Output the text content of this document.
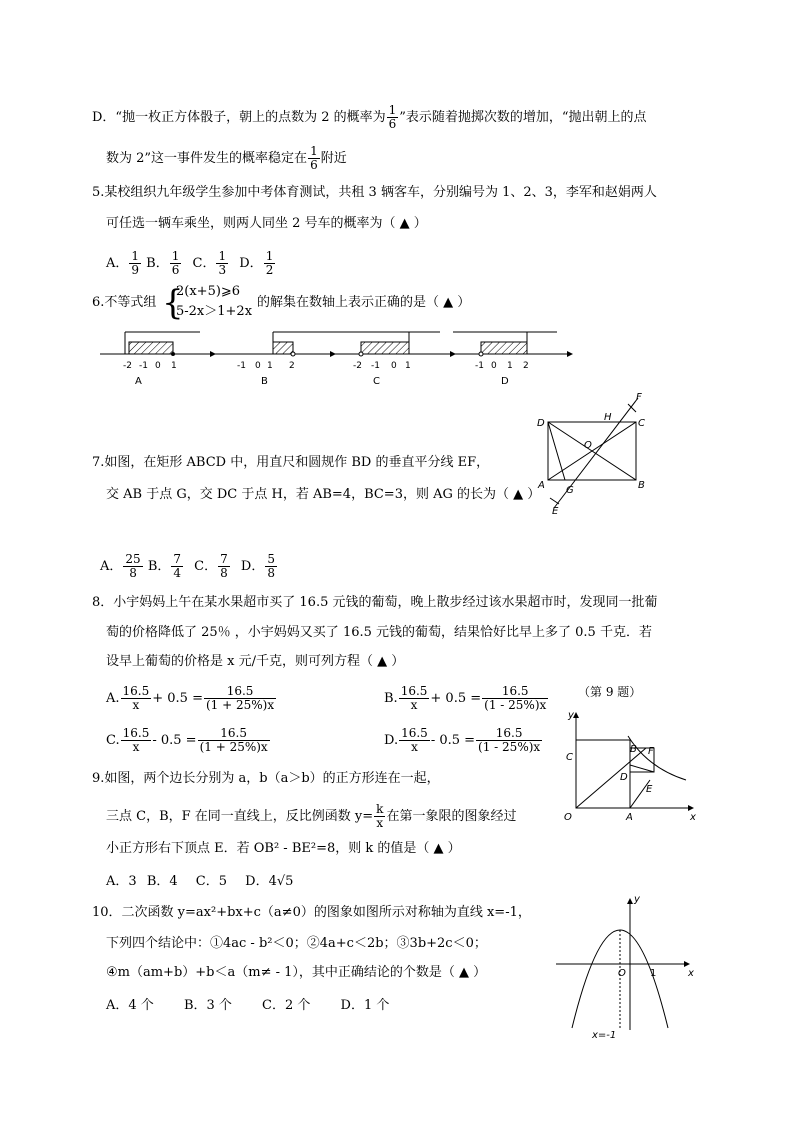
D．“抛一枚正方体骰子，朝上的点数为 2 的概率为 $\frac{1}{6}$ ”表示随着抛掷次数的增加，“抛出朝上的点
数为 2”这一事件发生的概率稳定在 $\frac{1}{6}$ 附近
5.某校组织九年级学生参加中考体育测试，共租 3 辆客车，分别编号为 1、2、3，李军和赵娟两人
可任选一辆车乘坐，则两人同坐 2 号车的概率为（ ▲ ）
A． $\frac{1}{9}$ B． $\frac{1}{6}$ C． $\frac{1}{3}$ D． $\frac{1}{2}$
6.不等式组 {
2(x+5)⩾6
5-2x＞1+2x
的解集在数轴上表示正确的是（ ▲ ）
-2 -1 0 1
A
-1 0 1 2
B
-2 -1 0 1
C
-1 0 1 2
D
D	C
A	B
H
O
G
E
F
7.如图，在矩形 ABCD 中，用直尺和圆规作 BD 的垂直平分线 EF，
交 AB 于点 G，交 DC 于点 H，若 AB=4，BC=3，则 AG 的长为（ ▲ ）
A． $\frac{25}{8}$ B． $\frac{7}{4}$ C． $\frac{7}{8}$ D． $\frac{5}{8}$
8．小宇妈妈上午在某水果超市买了 16.5 元钱的葡萄，晚上散步经过该水果超市时，发现同一批葡
萄的价格降低了 25％ ，小宇妈妈又买了 16.5 元钱的葡萄，结果恰好比早上多了 0.5 千克．若
设早上葡萄的价格是 x 元/千克，则可列方程（ ▲ ）
A. $\frac{16.5}{x} + 0.5 = \frac{16.5}{(1 + 25\%)x}$	B. $\frac{16.5}{x} + 0.5 = \frac{16.5}{(1 - 25\%)x}$
C. $\frac{16.5}{x} - 0.5 = \frac{16.5}{(1 + 25\%)x}$	D. $\frac{16.5}{x} - 0.5 = \frac{16.5}{(1 - 25\%)x}$
（第 9 题）
y
x
C
B F
D
E
O	A
9.如图，两个边长分别为 a，b（a＞b）的正方形连在一起，
三点 C，B，F 在同一直线上，反比例函数 $y= \frac{k}{x}$ 在第一象限的图象经过
小正方形右下顶点 E．若 OB² - BE²=8，则 k 的值是（ ▲ ）
A．3 B．4 C．5 D．4√5
y
x
O 1
x=-1
10．二次函数 y=ax²+bx+c（a≠0）的图象如图所示对称轴为直线 x=-1，
下列四个结论中：①4ac - b²＜0；②4a+c＜2b；③3b+2c＜0；
④m（am+b）+b＜a（m≠ - 1），其中正确结论的个数是（ ▲ ）
A．4 个 B．3 个 C．2 个 D．1 个
